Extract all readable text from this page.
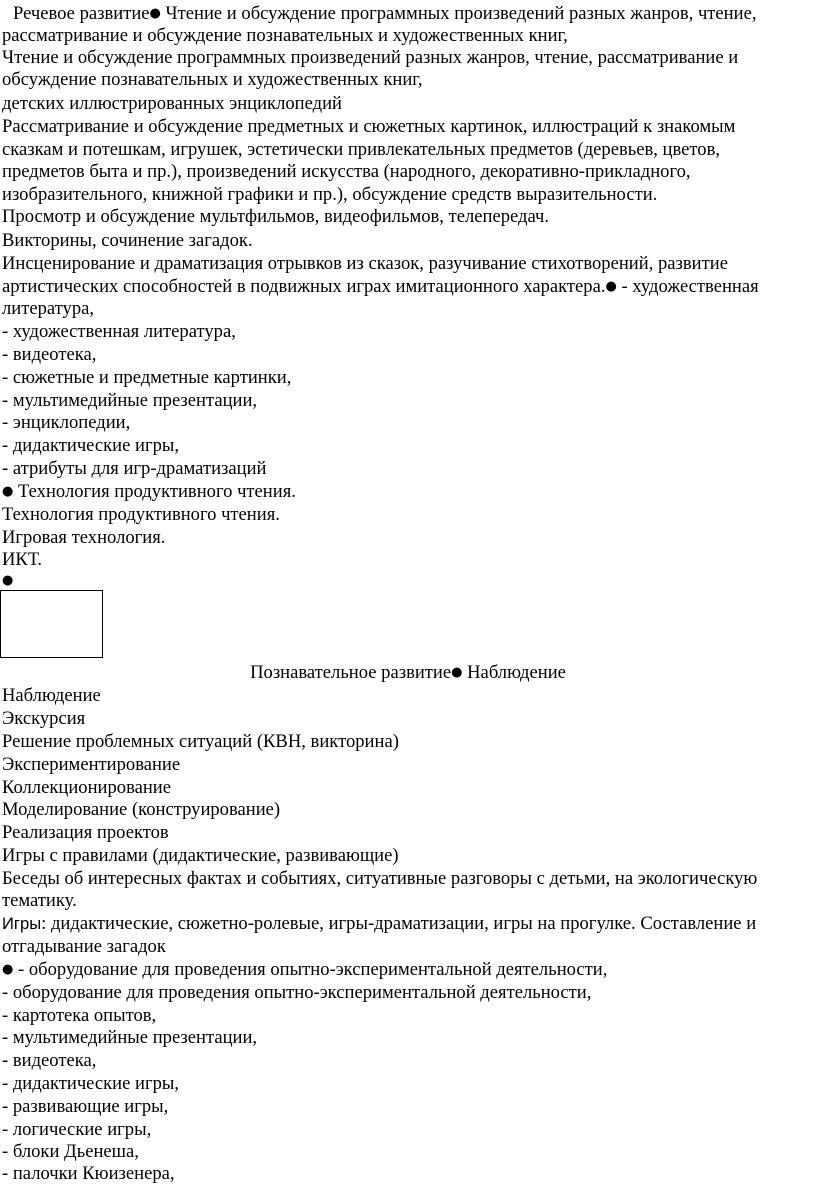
Речевое развитие● Чтение и обсуждение программных произведений разных жанров, чтение,
рассматривание и обсуждение познавательных и художественных книг,
Чтение и обсуждение программных произведений разных жанров, чтение, рассматривание и
обсуждение познавательных и художественных книг,
детских иллюстрированных энциклопедий
Рассматривание и обсуждение предметных и сюжетных картинок, иллюстраций к знакомым
сказкам и потешкам, игрушек, эстетически привлекательных предметов (деревьев, цветов,
предметов быта и пр.), произведений искусства (народного, декоративно-прикладного,
изобразительного, книжной графики и пр.), обсуждение средств выразительности.
Просмотр и обсуждение мультфильмов, видеофильмов, телепередач.
Викторины, сочинение загадок.
Инсценирование и драматизация отрывков из сказок, разучивание стихотворений, развитие
артистических способностей в подвижных играх имитационного характера.● - художественная
литература,
- художественная литература,
- видеотека,
- сюжетные и предметные картинки,
- мультимедийные презентации,
- энциклопедии,
- дидактические игры,
- атрибуты для игр-драматизаций
● Технология продуктивного чтения.
Технология продуктивного чтения.
Игровая технология.
ИКТ.
●
Познавательное развитие● Наблюдение
Наблюдение
Экскурсия
Решение проблемных ситуаций (КВН, викторина)
Экспериментирование
Коллекционирование
Моделирование (конструирование)
Реализация проектов
Игры с правилами (дидактические, развивающие)
Беседы об интересных фактах и событиях, ситуативные разговоры с детьми, на экологическую
тематику.
Игры: дидактические, сюжетно-ролевые, игры-драматизации, игры на прогулке. Составление и
отгадывание загадок
● - оборудование для проведения опытно-экспериментальной деятельности,
- оборудование для проведения опытно-экспериментальной деятельности,
- картотека опытов,
- мультимедийные презентации,
- видеотека,
- дидактические игры,
- развивающие игры,
- логические игры,
- блоки Дьенеша,
- палочки Кюизенера,
